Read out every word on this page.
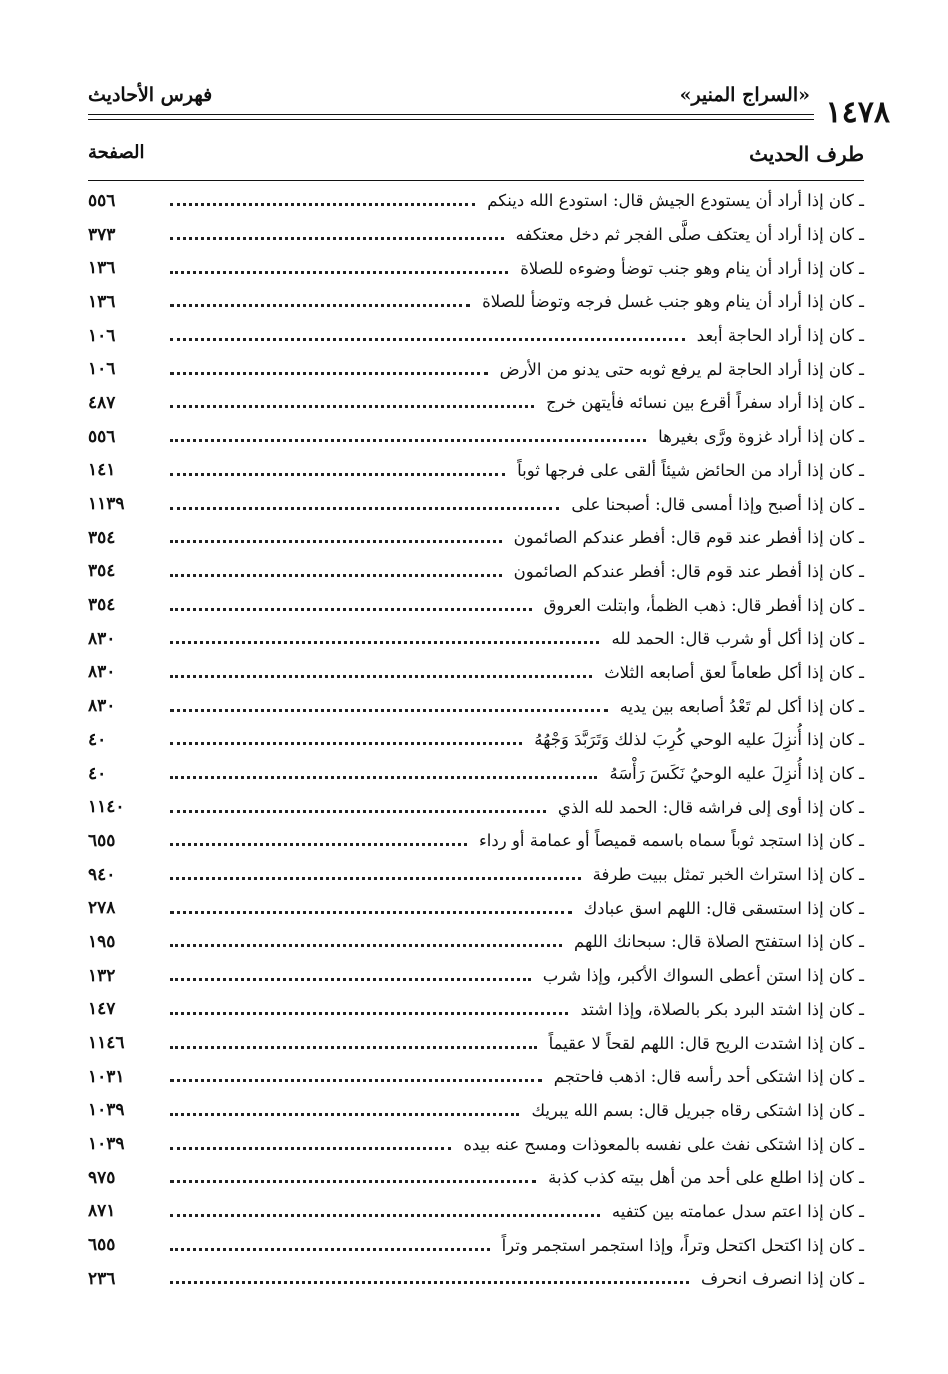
١٤٧٨
«السراج المنير»
فهرس الأحاديث
طرف الحديث
الصفحة
ـ كان إذا أراد أن يستودع الجيش قال: استودع الله دينكم
٥٥٦
ـ كان إذا أراد أن يعتكف صلَّى الفجر ثم دخل معتكفه
٣٧٣
ـ كان إذا أراد أن ينام وهو جنب توضأ وضوءه للصلاة
١٣٦
ـ كان إذا أراد أن ينام وهو جنب غسل فرجه وتوضأ للصلاة
١٣٦
ـ كان إذا أراد الحاجة أبعد
١٠٦
ـ كان إذا أراد الحاجة لم يرفع ثوبه حتى يدنو من الأرض
١٠٦
ـ كان إذا أراد سفراً أقرع بين نسائه فأيتهن خرج
٤٨٧
ـ كان إذا أراد غزوة ورَّى بغيرها
٥٥٦
ـ كان إذا أراد من الحائض شيئاً ألقى على فرجها ثوباً
١٤١
ـ كان إذا أصبح وإذا أمسى قال: أصبحنا على
١١٣٩
ـ كان إذا أفطر عند قوم قال: أفطر عندكم الصائمون
٣٥٤
ـ كان إذا أفطر عند قوم قال: أفطر عندكم الصائمون
٣٥٤
ـ كان إذا أفطر قال: ذهب الظمأ، وابتلت العروق
٣٥٤
ـ كان إذا أكل أو شرب قال: الحمد لله
٨٣٠
ـ كان إذا أكل طعاماً لعق أصابعه الثلاث
٨٣٠
ـ كان إذا أكل لم تَعْدُ أصابعه بين يديه
٨٣٠
ـ كان إذا أُنزِلَ عليه الوحي كُرِبَ لذلك وَتَرَبَّدَ وَجْهُهُ
٤٠
ـ كان إذا أُنزِلَ عليه الوحيُ نَكَسَ رَأْسَهُ
٤٠
ـ كان إذا أوى إلى فراشه قال: الحمد لله الذي
١١٤٠
ـ كان إذا استجد ثوباً سماه باسمه قميصاً أو عمامة أو رداء
٦٥٥
ـ كان إذا استراث الخبر تمثل ببيت طرفة
٩٤٠
ـ كان إذا استسقى قال: اللهم اسق عبادك
٢٧٨
ـ كان إذا استفتح الصلاة قال: سبحانك اللهم
١٩٥
ـ كان إذا استن أعطى السواك الأكبر، وإذا شرب
١٣٢
ـ كان إذا اشتد البرد بكر بالصلاة، وإذا اشتد
١٤٧
ـ كان إذا اشتدت الريح قال: اللهم لقحاً لا عقيماً
١١٤٦
ـ كان إذا اشتكى أحد رأسه قال: اذهب فاحتجم
١٠٣١
ـ كان إذا اشتكى رقاه جبريل قال: بسم الله يبريك
١٠٣٩
ـ كان إذا اشتكى نفث على نفسه بالمعوذات ومسح عنه بيده
١٠٣٩
ـ كان إذا اطلع على أحد من أهل بيته كذب كذبة
٩٧٥
ـ كان إذا اعتم سدل عمامته بين كتفيه
٨٧١
ـ كان إذا اكتحل اكتحل وتراً، وإذا استجمر استجمر وتراً
٦٥٥
ـ كان إذا انصرف انحرف
٢٣٦
